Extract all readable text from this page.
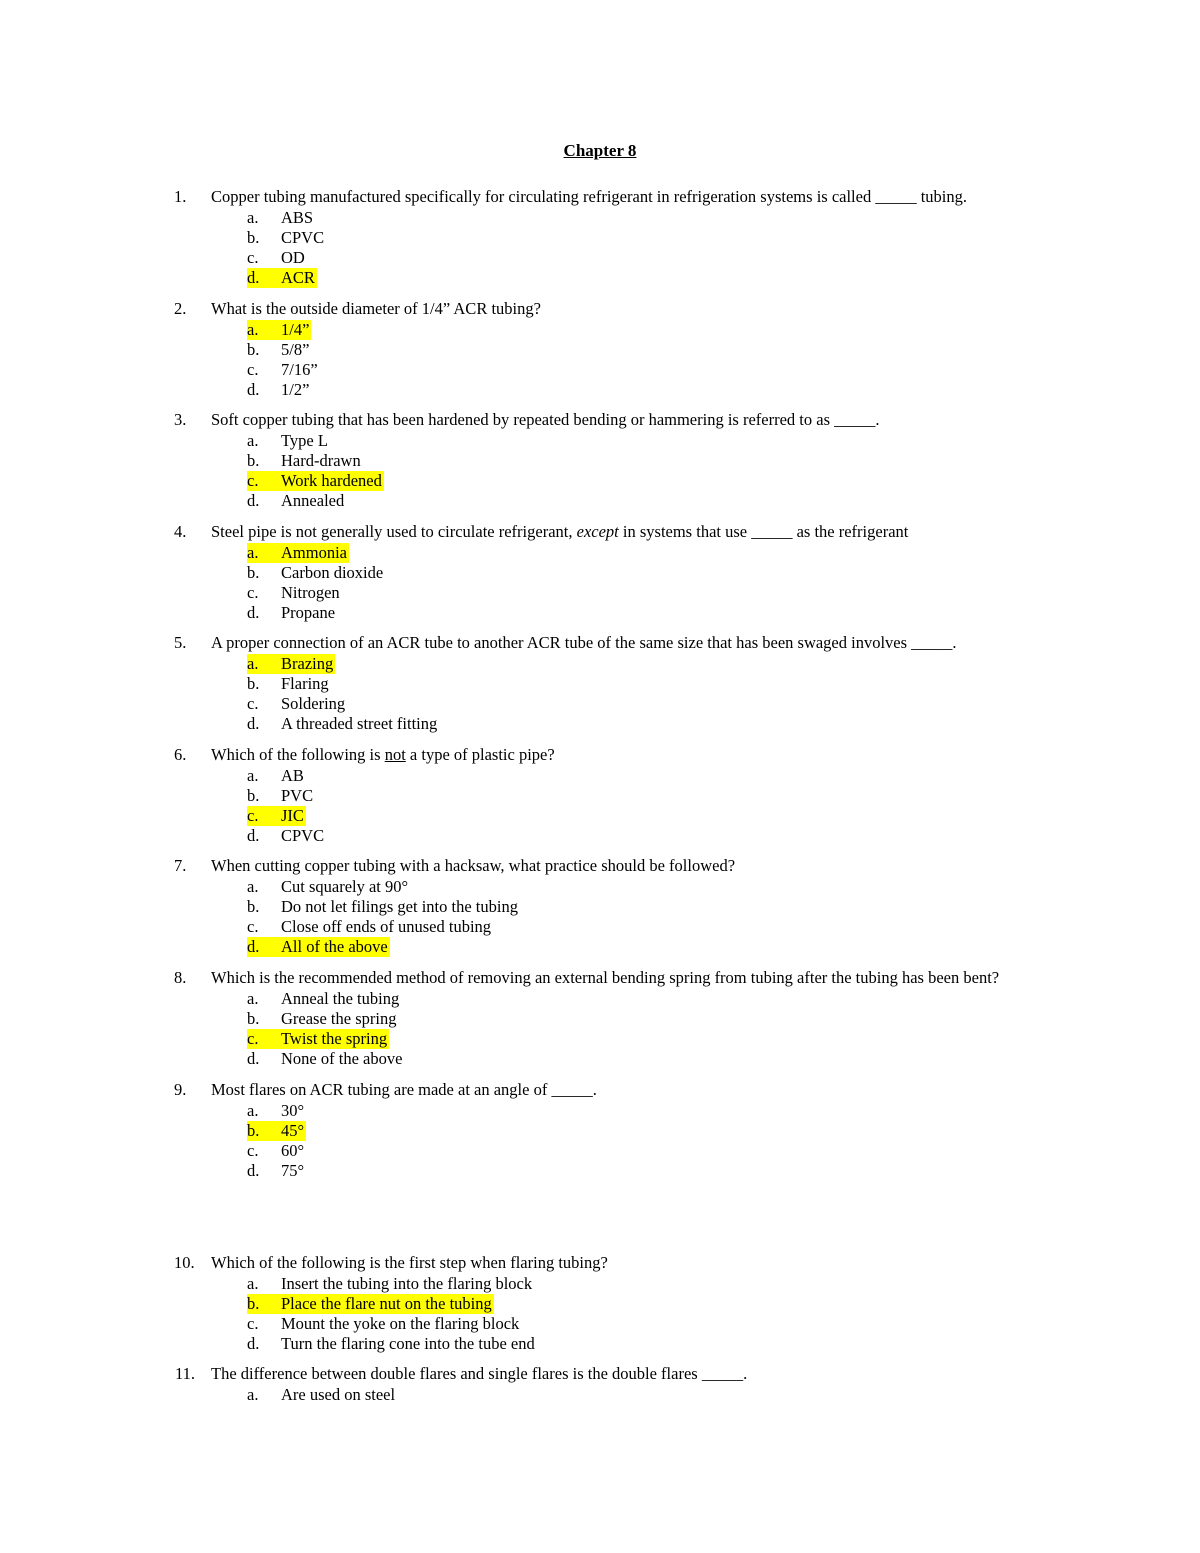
Chapter 8
1. Copper tubing manufactured specifically for circulating refrigerant in refrigeration systems is called _____ tubing.
a. ABS
b. CPVC
c. OD
d. ACR
2. What is the outside diameter of 1/4” ACR tubing?
a. 1/4”
b. 5/8”
c. 7/16”
d. 1/2”
3. Soft copper tubing that has been hardened by repeated bending or hammering is referred to as _____.
a. Type L
b. Hard-drawn
c. Work hardened
d. Annealed
4. Steel pipe is not generally used to circulate refrigerant, except in systems that use _____ as the refrigerant
a. Ammonia
b. Carbon dioxide
c. Nitrogen
d. Propane
5. A proper connection of an ACR tube to another ACR tube of the same size that has been swaged involves _____.
a. Brazing
b. Flaring
c. Soldering
d. A threaded street fitting
6. Which of the following is not a type of plastic pipe?
a. AB
b. PVC
c. JIC
d. CPVC
7. When cutting copper tubing with a hacksaw, what practice should be followed?
a. Cut squarely at 90°
b. Do not let filings get into the tubing
c. Close off ends of unused tubing
d. All of the above
8. Which is the recommended method of removing an external bending spring from tubing after the tubing has been bent?
a. Anneal the tubing
b. Grease the spring
c. Twist the spring
d. None of the above
9. Most flares on ACR tubing are made at an angle of _____.
a. 30°
b. 45°
c. 60°
d. 75°
10. Which of the following is the first step when flaring tubing?
a. Insert the tubing into the flaring block
b. Place the flare nut on the tubing
c. Mount the yoke on the flaring block
d. Turn the flaring cone into the tube end
11. The difference between double flares and single flares is the double flares _____.
a. Are used on steel
